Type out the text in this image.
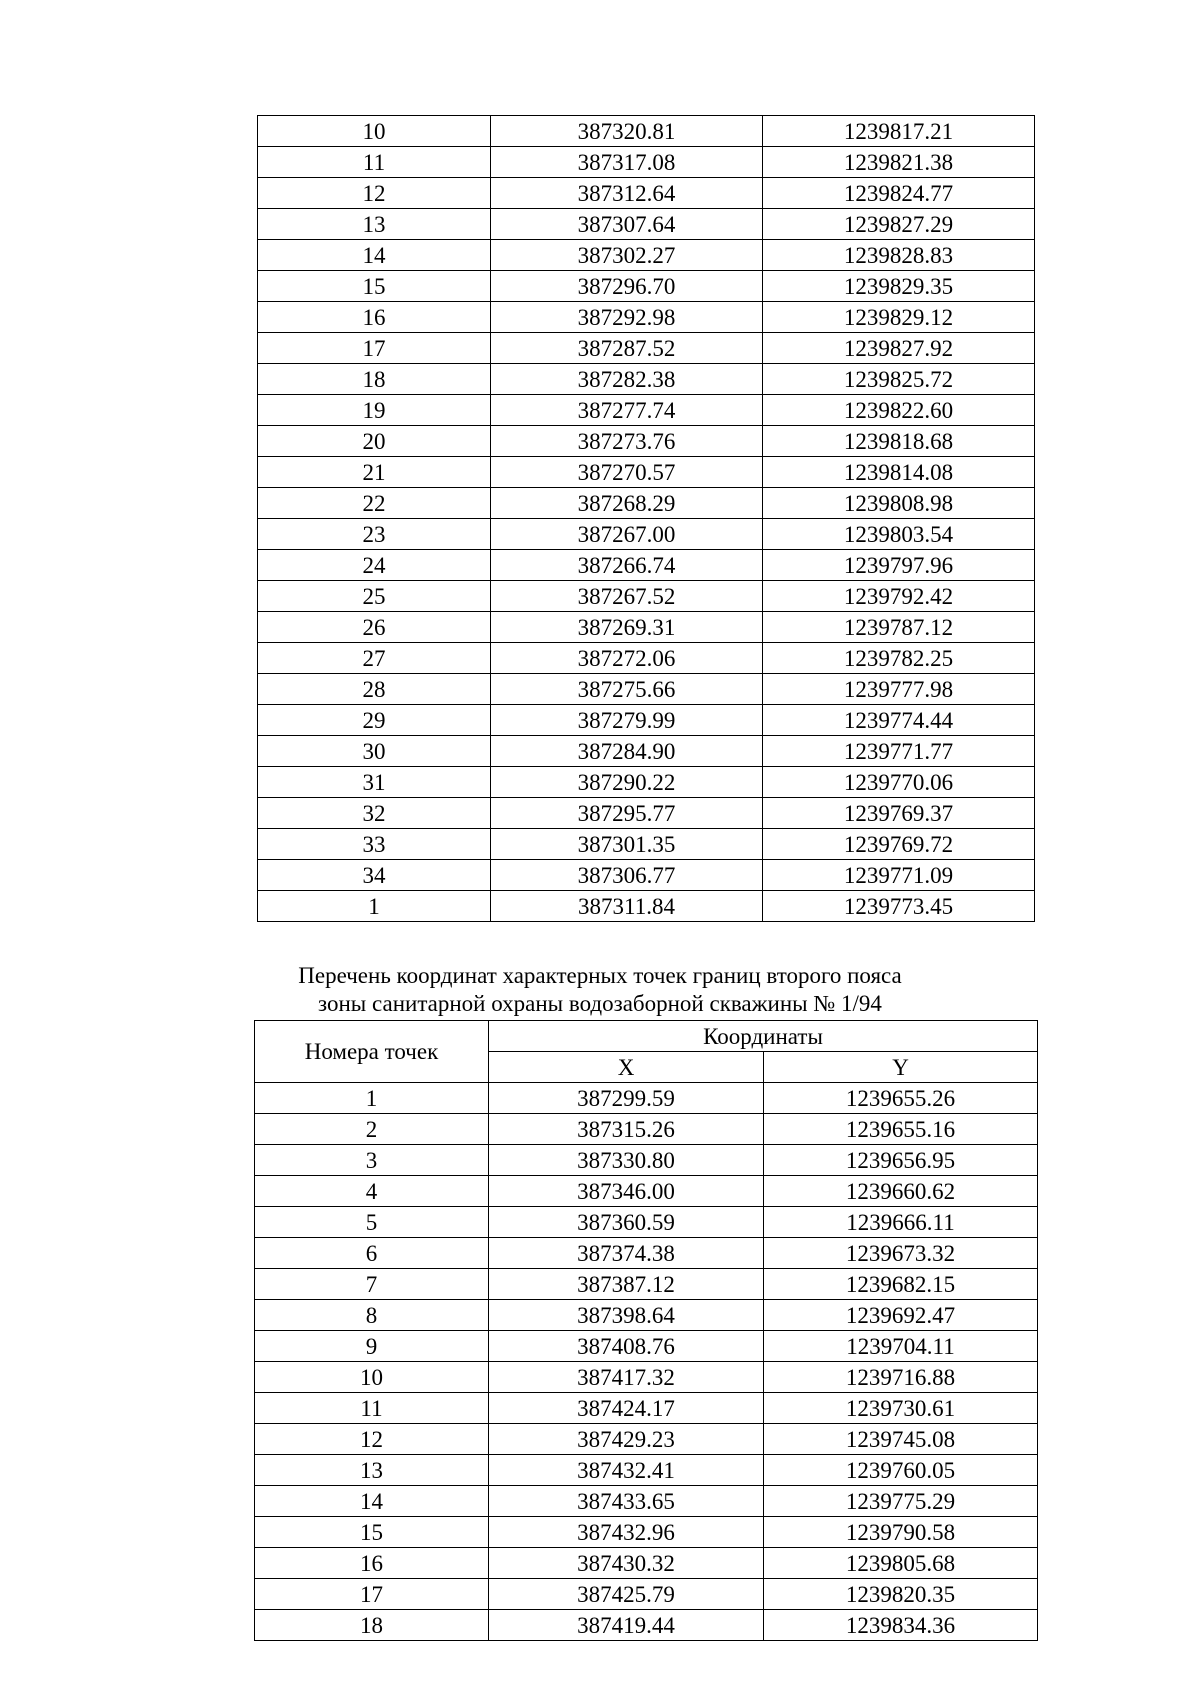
10	387320.81	1239817.21
11	387317.08	1239821.38
12	387312.64	1239824.77
13	387307.64	1239827.29
14	387302.27	1239828.83
15	387296.70	1239829.35
16	387292.98	1239829.12
17	387287.52	1239827.92
18	387282.38	1239825.72
19	387277.74	1239822.60
20	387273.76	1239818.68
21	387270.57	1239814.08
22	387268.29	1239808.98
23	387267.00	1239803.54
24	387266.74	1239797.96
25	387267.52	1239792.42
26	387269.31	1239787.12
27	387272.06	1239782.25
28	387275.66	1239777.98
29	387279.99	1239774.44
30	387284.90	1239771.77
31	387290.22	1239770.06
32	387295.77	1239769.37
33	387301.35	1239769.72
34	387306.77	1239771.09
1	387311.84	1239773.45
Перечень координат характерных точек границ второго пояса
зоны санитарной охраны водозаборной скважины № 1/94
Номера точек	Координаты	
	X	Y
1	387299.59	1239655.26
2	387315.26	1239655.16
3	387330.80	1239656.95
4	387346.00	1239660.62
5	387360.59	1239666.11
6	387374.38	1239673.32
7	387387.12	1239682.15
8	387398.64	1239692.47
9	387408.76	1239704.11
10	387417.32	1239716.88
11	387424.17	1239730.61
12	387429.23	1239745.08
13	387432.41	1239760.05
14	387433.65	1239775.29
15	387432.96	1239790.58
16	387430.32	1239805.68
17	387425.79	1239820.35
18	387419.44	1239834.36
